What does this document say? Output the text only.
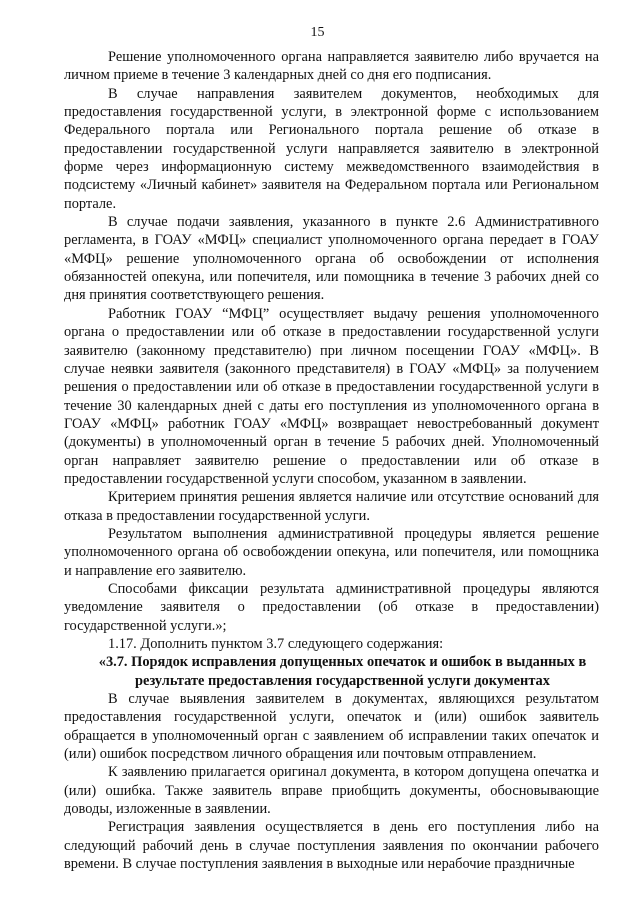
15

Решение уполномоченного органа направляется заявителю либо вручается на личном приеме в течение 3 календарных дней со дня его подписания.

В случае направления заявителем документов, необходимых для предоставления государственной услуги, в электронной форме с использованием Федерального портала или Регионального портала решение об отказе в предоставлении государственной услуги направляется заявителю в электронной форме через информационную систему межведомственного взаимодействия в подсистему «Личный кабинет» заявителя на Федеральном портала или Региональном портале.

В случае подачи заявления, указанного в пункте 2.6 Административного регламента, в ГОАУ «МФЦ» специалист уполномоченного органа передает в ГОАУ «МФЦ» решение уполномоченного органа об освобождении от исполнения обязанностей опекуна, или попечителя, или помощника в течение 3 рабочих дней со дня принятия соответствующего решения.

Работник ГОАУ “МФЦ” осуществляет выдачу решения уполномоченного органа о предоставлении или об отказе в предоставлении государственной услуги заявителю (законному представителю) при личном посещении ГОАУ «МФЦ». В случае неявки заявителя (законного представителя) в ГОАУ «МФЦ» за получением решения о предоставлении или об отказе в предоставлении государственной услуги в течение 30 календарных дней с даты его поступления из уполномоченного органа в ГОАУ «МФЦ» работник ГОАУ «МФЦ» возвращает невостребованный документ (документы) в уполномоченный орган в течение 5 рабочих дней. Уполномоченный орган направляет заявителю решение о предоставлении или об отказе в предоставлении государственной услуги способом, указанном в заявлении.

Критерием принятия решения является наличие или отсутствие оснований для отказа в предоставлении государственной услуги.

Результатом выполнения административной процедуры является решение уполномоченного органа об освобождении опекуна, или попечителя, или помощника и направление его заявителю.

Способами фиксации результата административной процедуры являются уведомление заявителя о предоставлении (об отказе в предоставлении) государственной услуги.»;

1.17. Дополнить пунктом 3.7 следующего содержания:

«3.7. Порядок исправления допущенных опечаток и ошибок в выданных в результате предоставления государственной услуги документах

В случае выявления заявителем в документах, являющихся результатом предоставления государственной услуги, опечаток и (или) ошибок заявитель обращается в уполномоченный орган с заявлением об исправлении таких опечаток и (или) ошибок посредством личного обращения или почтовым отправлением.

К заявлению прилагается оригинал документа, в котором допущена опечатка и (или) ошибка. Также заявитель вправе приобщить документы, обосновывающие доводы, изложенные в заявлении.

Регистрация заявления осуществляется в день его поступления либо на следующий рабочий день в случае поступления заявления по окончании рабочего времени. В случае поступления заявления в выходные или нерабочие праздничные
